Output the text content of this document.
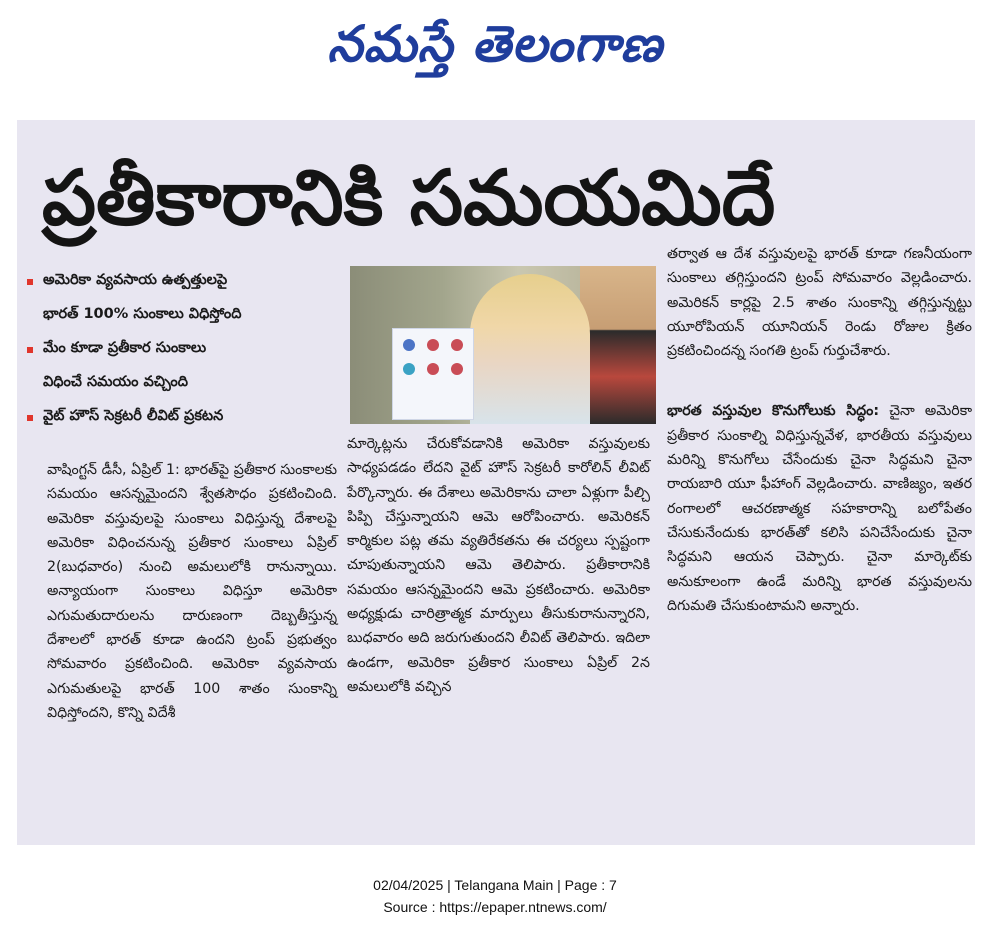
నమస్తే తెలంగాణ
ప్రతీకారానికి సమయమిదే
అమెరికా వ్యవసాయ ఉత్పత్తులపై
భారత్ 100% సుంకాలు విధిస్తోంది
మేం కూడా ప్రతీకార సుంకాలు
విధించే సమయం వచ్చింది
వైట్ హౌస్ సెక్రటరీ లీవిట్ ప్రకటన

వాషింగ్టన్ డీసీ, ఏప్రిల్ 1: భారత్‌పై ప్రతీకార సుంకాలకు సమయం ఆసన్నమైందని శ్వేతసౌధం ప్రకటించింది. అమెరికా వస్తువులపై సుంకాలు విధిస్తున్న దేశాలపై అమెరికా విధించనున్న ప్రతీకార సుంకాలు ఏప్రిల్ 2(బుధవారం) నుంచి అమలులోకి రానున్నాయి. అన్యాయంగా సుంకాలు విధిస్తూ అమెరికా ఎగుమతుదారులను దారుణంగా దెబ్బతీస్తున్న దేశాలలో భారత్ కూడా ఉందని ట్రంప్ ప్రభుత్వం సోమవారం ప్రకటించింది. అమెరికా వ్యవసాయ ఎగుమతులపై భారత్ 100 శాతం సుంకాన్ని విధిస్తోందని, కొన్ని విదేశీ

మార్కెట్లను చేరుకోవడానికి అమెరికా వస్తువులకు సాధ్యపడడం లేదని వైట్ హౌస్ సెక్రటరీ కారోలిన్ లీవిట్ పేర్కొన్నారు. ఈ దేశాలు అమెరికాను చాలా ఏళ్లుగా పీల్చి పిప్పి చేస్తున్నాయని ఆమె ఆరోపించారు. అమెరికన్ కార్మికుల పట్ల తమ వ్యతిరేకతను ఈ చర్యలు స్పష్టంగా చూపుతున్నాయని ఆమె తెలిపారు. ప్రతీకారానికి సమయం ఆసన్నమైందని ఆమె ప్రకటించారు. అమెరికా అధ్యక్షుడు చారిత్రాత్మక మార్పులు తీసుకురానున్నారని, బుధవారం అది జరుగుతుందని లీవిట్ తెలిపారు. ఇదిలా ఉండగా, అమెరికా ప్రతీకార సుంకాలు ఏప్రిల్ 2న అమలులోకి వచ్చిన

తర్వాత ఆ దేశ వస్తువులపై భారత్ కూడా గణనీయంగా సుంకాలు తగ్గిస్తుందని ట్రంప్ సోమవారం వెల్లడించారు. అమెరికన్ కార్లపై 2.5 శాతం సుంకాన్ని తగ్గిస్తున్నట్టు యూరోపియన్ యూనియన్ రెండు రోజుల క్రితం ప్రకటించిందన్న సంగతి ట్రంప్ గుర్తుచేశారు.

భారత వస్తువుల కొనుగోలుకు సిద్ధం: చైనా అమెరికా ప్రతీకార సుంకాల్ని విధిస్తున్నవేళ, భారతీయ వస్తువులు మరిన్ని కొనుగోలు చేసేందుకు చైనా సిద్ధమని చైనా రాయబారి యూ ఫీహాంగ్ వెల్లడించారు. వాణిజ్యం, ఇతర రంగాలలో ఆచరణాత్మక సహకారాన్ని బలోపేతం చేసుకునేందుకు భారత్‌తో కలిసి పనిచేసేందుకు చైనా సిద్ధమని ఆయన చెప్పారు. చైనా మార్కెట్‌కు అనుకూలంగా ఉండే మరిన్ని భారత వస్తువులను దిగుమతి చేసుకుంటామని అన్నారు.

02/04/2025 | Telangana Main | Page : 7
Source : https://epaper.ntnews.com/
